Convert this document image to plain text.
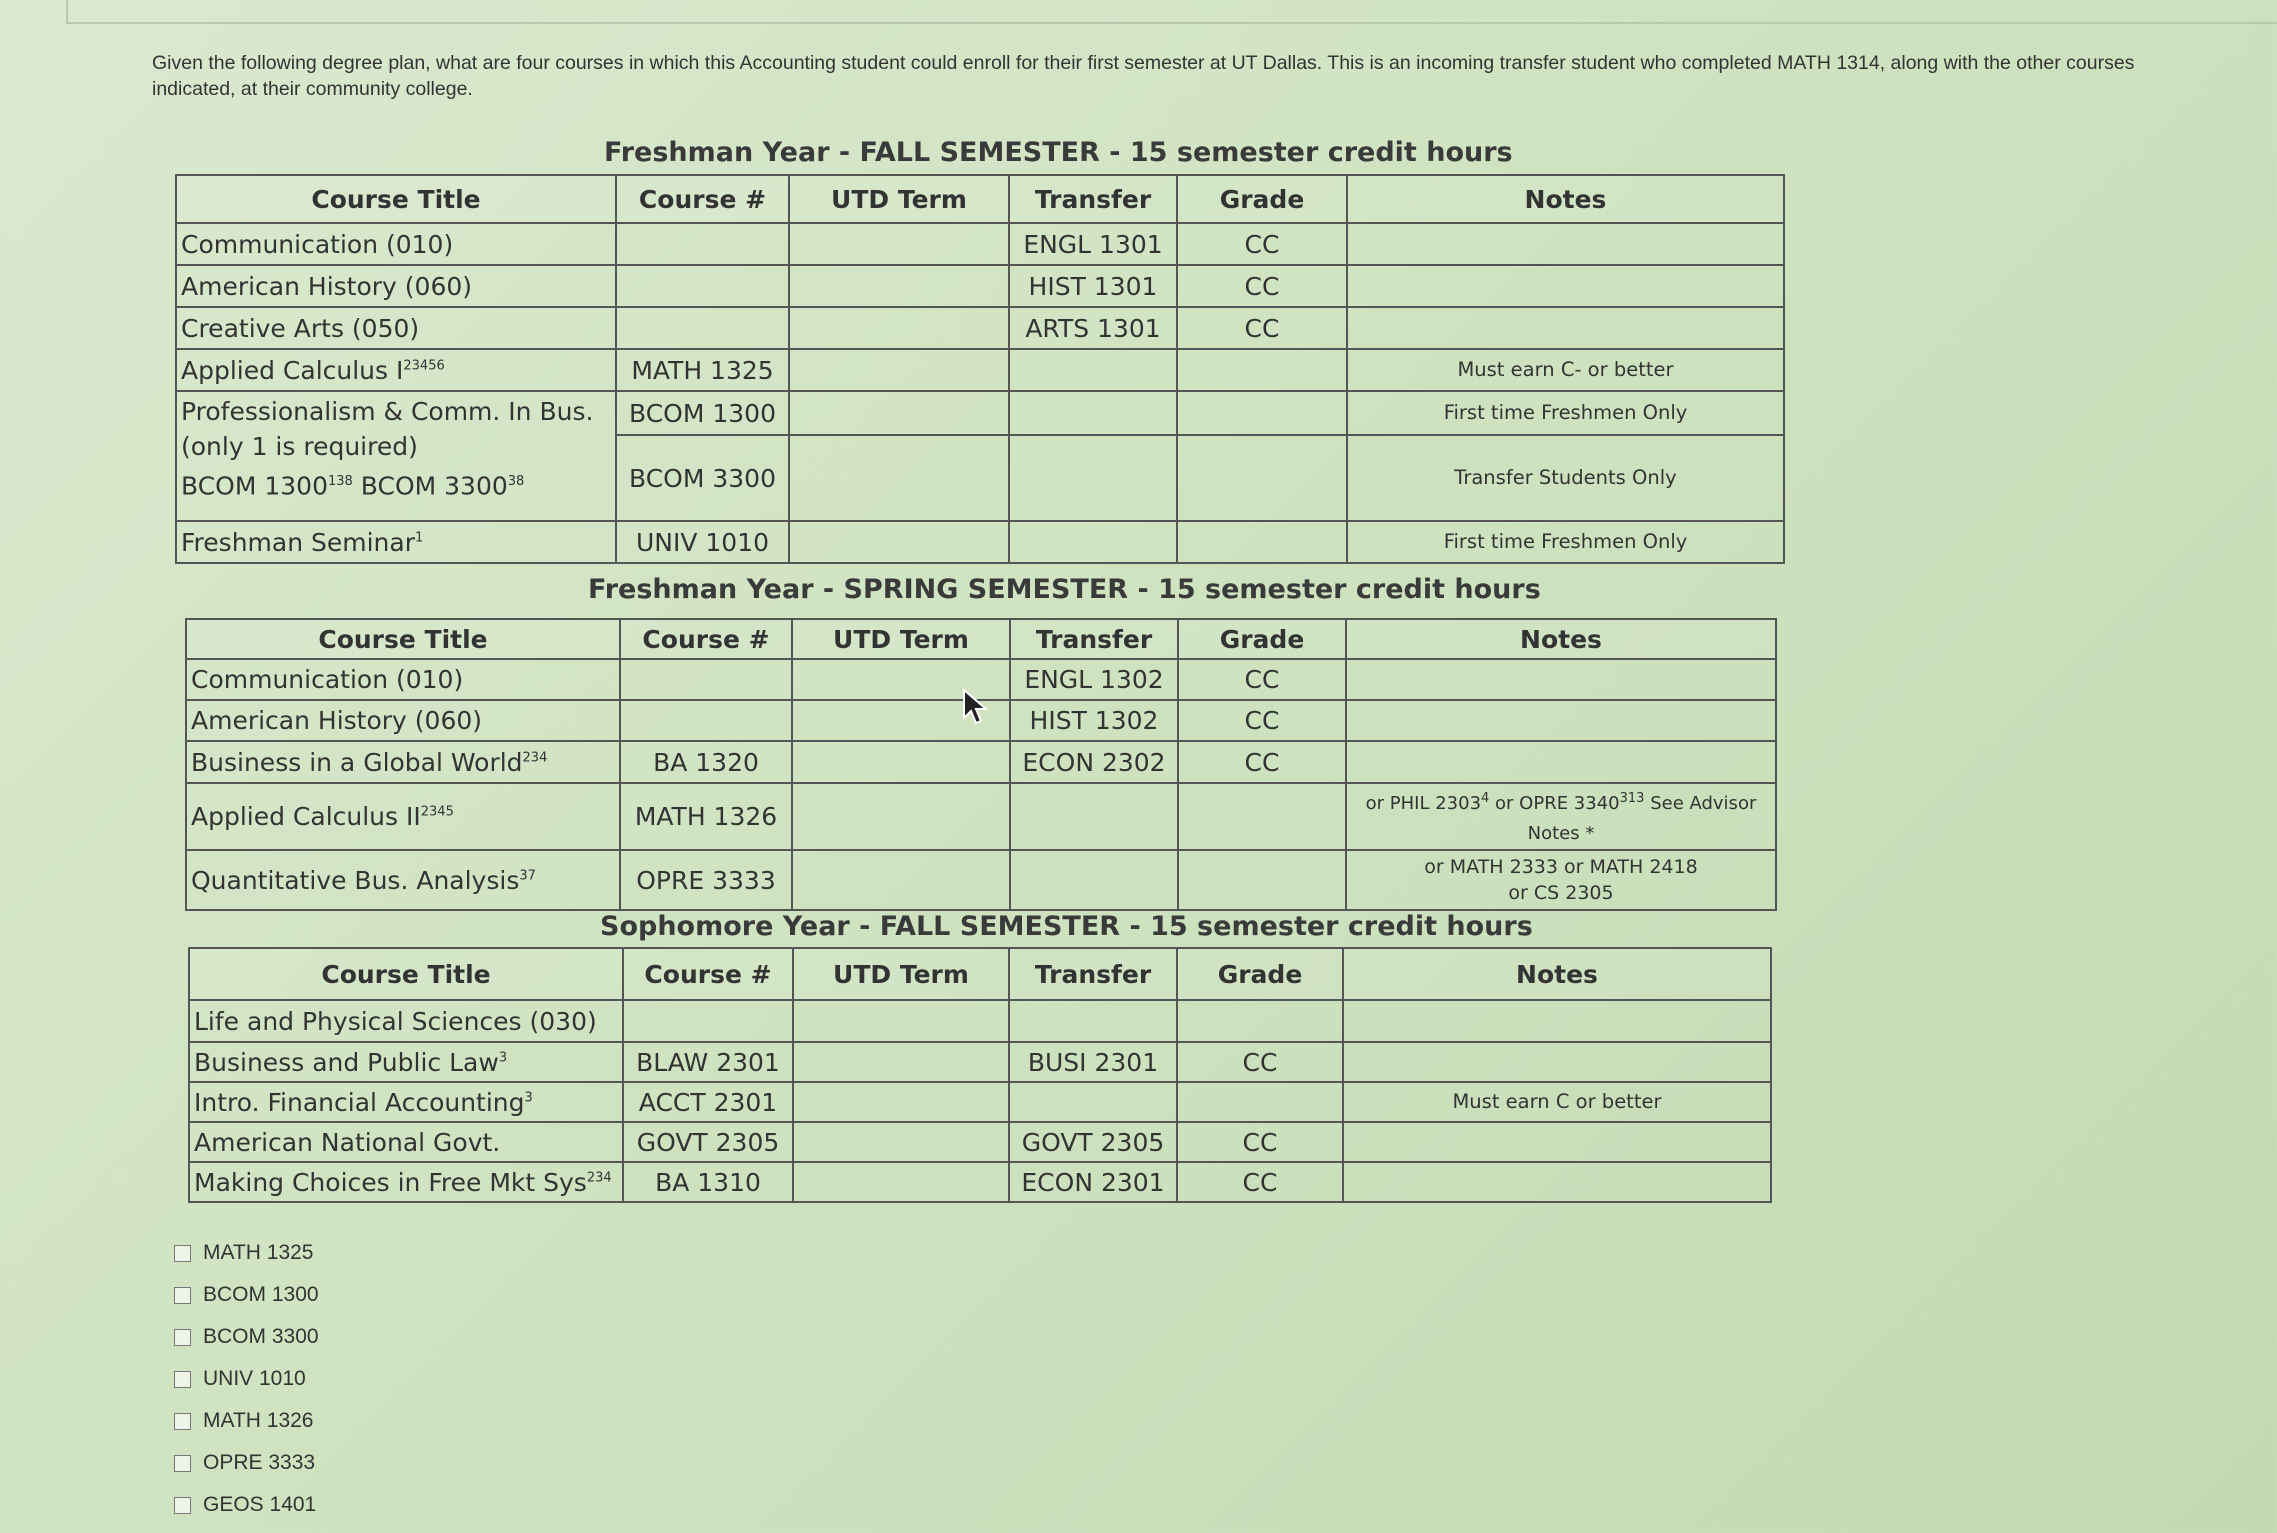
Given the following degree plan, what are four courses in which this Accounting student could enroll for their first semester at UT Dallas. This is an incoming transfer student who completed MATH 1314, along with the other courses indicated, at their community college.
Freshman Year - FALL SEMESTER - 15 semester credit hours
Course Title	Course #	UTD Term	Transfer	Grade	Notes
Communication (010)			ENGL 1301	CC	
American History (060)			HIST 1301	CC	
Creative Arts (050)			ARTS 1301	CC	
Applied Calculus $I^{23456}$	MATH 1325				Must earn C- or better

Professionalism & Comm. In Bus.
(only 1 is required)
BCOM 1300$^{138}$ BCOM 3300$^{38}$	BCOM 1300				First time Freshmen Only
	BCOM 3300				Transfer Students Only
Freshman Seminar$^1$	UNIV 1010				First time Freshmen Only
Freshman Year - SPRING SEMESTER - 15 semester credit hours
Course Title	Course #	UTD Term	Transfer	Grade	Notes
Communication (010)			ENGL 1302	CC	
American History (060)			HIST 1302	CC	
Business in a Global World$^{234}$	BA 1320		ECON 2302	CC	
Applied Calculus $II^{2345}$	MATH 1326				or PHIL 2303$^4$ or OPRE 3340$^{313}$ See Advisor
Notes *

Quantitative Bus. Analysis$^{37}$	OPRE 3333				or MATH 2333 or MATH 2418
or CS 2305
Sophomore Year - FALL SEMESTER - 15 semester credit hours
Course Title	Course #	UTD Term	Transfer	Grade	Notes
Life and Physical Sciences (030)					
Business and Public Law$^3$	BLAW 2301		BUSI 2301	CC	
Intro. Financial Accounting$^3$	ACCT 2301				Must earn C or better
American National Govt.	GOVT 2305		GOVT 2305	CC	
Making Choices in Free Mkt Sys$^{234}$	BA 1310		ECON 2301	CC	
MATH 1325
BCOM 1300
BCOM 3300
UNIV 1010
MATH 1326
OPRE 3333
GEOS 1401
